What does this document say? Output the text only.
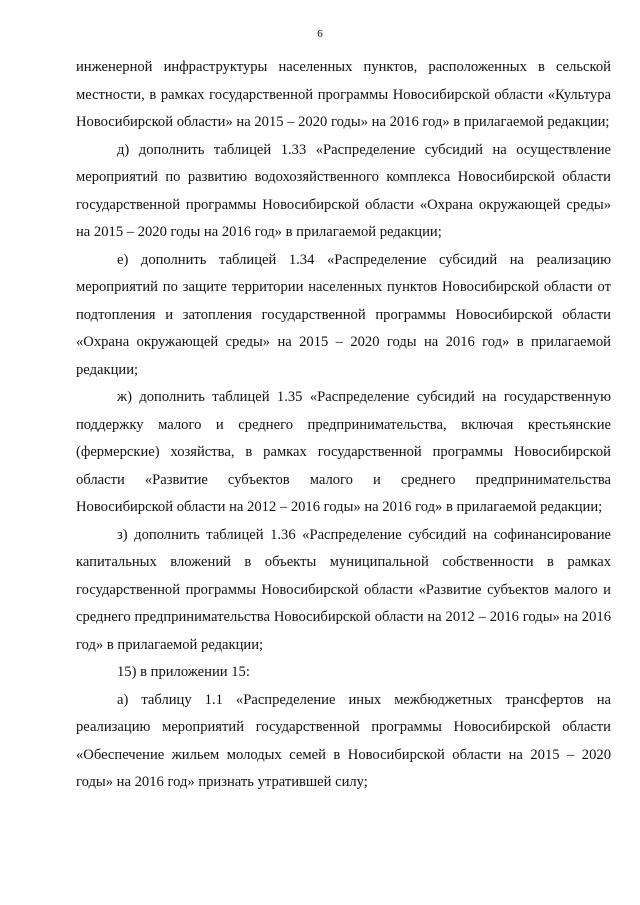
6

инженерной инфраструктуры населенных пунктов, расположенных в сельской местности, в рамках государственной программы Новосибирской области «Культура Новосибирской области» на 2015 – 2020 годы» на 2016 год» в прилагаемой редакции;

д) дополнить таблицей 1.33 «Распределение субсидий на осуществление мероприятий по развитию водохозяйственного комплекса Новосибирской области государственной программы Новосибирской области «Охрана окружающей среды» на 2015 – 2020 годы на 2016 год» в прилагаемой редакции;

е) дополнить таблицей 1.34 «Распределение субсидий на реализацию мероприятий по защите территории населенных пунктов Новосибирской области от подтопления и затопления государственной программы Новосибирской области «Охрана окружающей среды» на 2015 – 2020 годы на 2016 год» в прилагаемой редакции;

ж) дополнить таблицей 1.35 «Распределение субсидий на государственную поддержку малого и среднего предпринимательства, включая крестьянские (фермерские) хозяйства, в рамках государственной программы Новосибирской области «Развитие субъектов малого и среднего предпринимательства Новосибирской области на 2012 – 2016 годы» на 2016 год» в прилагаемой редакции;

з) дополнить таблицей 1.36 «Распределение субсидий на софинансирование капитальных вложений в объекты муниципальной собственности в рамках государственной программы Новосибирской области «Развитие субъектов малого и среднего предпринимательства Новосибирской области на 2012 – 2016 годы» на 2016 год» в прилагаемой редакции;

15) в приложении 15:

а) таблицу 1.1 «Распределение иных межбюджетных трансфертов на реализацию мероприятий государственной программы Новосибирской области «Обеспечение жильем молодых семей в Новосибирской области на 2015 – 2020 годы» на 2016 год» признать утратившей силу;
